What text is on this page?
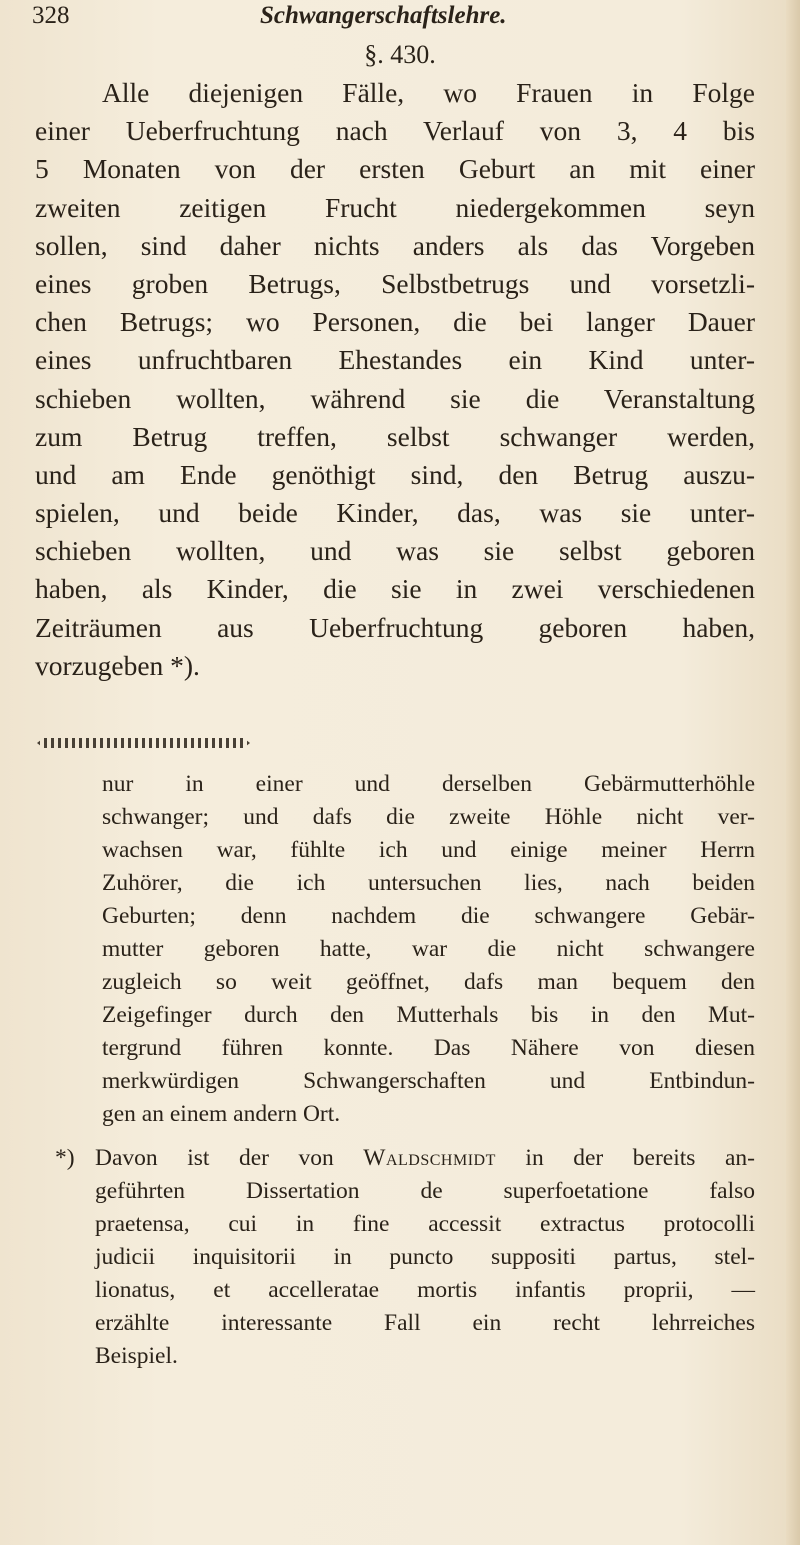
328	Schwangerschaftslehre.
§. 430.
Alle diejenigen Fälle, wo Frauen in Folge
einer Ueberfruchtung nach Verlauf von 3, 4 bis
5 Monaten von der ersten Geburt an mit einer
zweiten zeitigen Frucht niedergekommen seyn
sollen, sind daher nichts anders als das Vorgeben
eines groben Betrugs, Selbstbetrugs und vorsetzli-
chen Betrugs; wo Personen, die bei langer Dauer
eines unfruchtbaren Ehestandes ein Kind unter-
schieben wollten, während sie die Veranstaltung
zum Betrug treffen, selbst schwanger werden,
und am Ende genöthigt sind, den Betrug auszu-
spielen, und beide Kinder, das, was sie unter-
schieben wollten, und was sie selbst geboren
haben, als Kinder, die sie in zwei verschiedenen
Zeiträumen aus Ueberfruchtung geboren haben,
vorzugeben *).
nur in einer und derselben Gebärmutterhöhle
schwanger; und dafs die zweite Höhle nicht ver-
wachsen war, fühlte ich und einige meiner Herrn
Zuhörer, die ich untersuchen lies, nach beiden
Geburten; denn nachdem die schwangere Gebär-
mutter geboren hatte, war die nicht schwangere
zugleich so weit geöffnet, dafs man bequem den
Zeigefinger durch den Mutterhals bis in den Mut-
tergrund führen konnte. Das Nähere von diesen
merkwürdigen Schwangerschaften und Entbindun-
gen an einem andern Ort.
*) Davon ist der von Waldschmidt in der bereits an-
geführten Dissertation de superfoetatione falso
praetensa, cui in fine accessit extractus protocolli
judicii inquisitorii in puncto suppositi partus, stel-
lionatus, et accelleratae mortis infantis proprii, —
erzählte interessante Fall ein recht lehrreiches
Beispiel.
